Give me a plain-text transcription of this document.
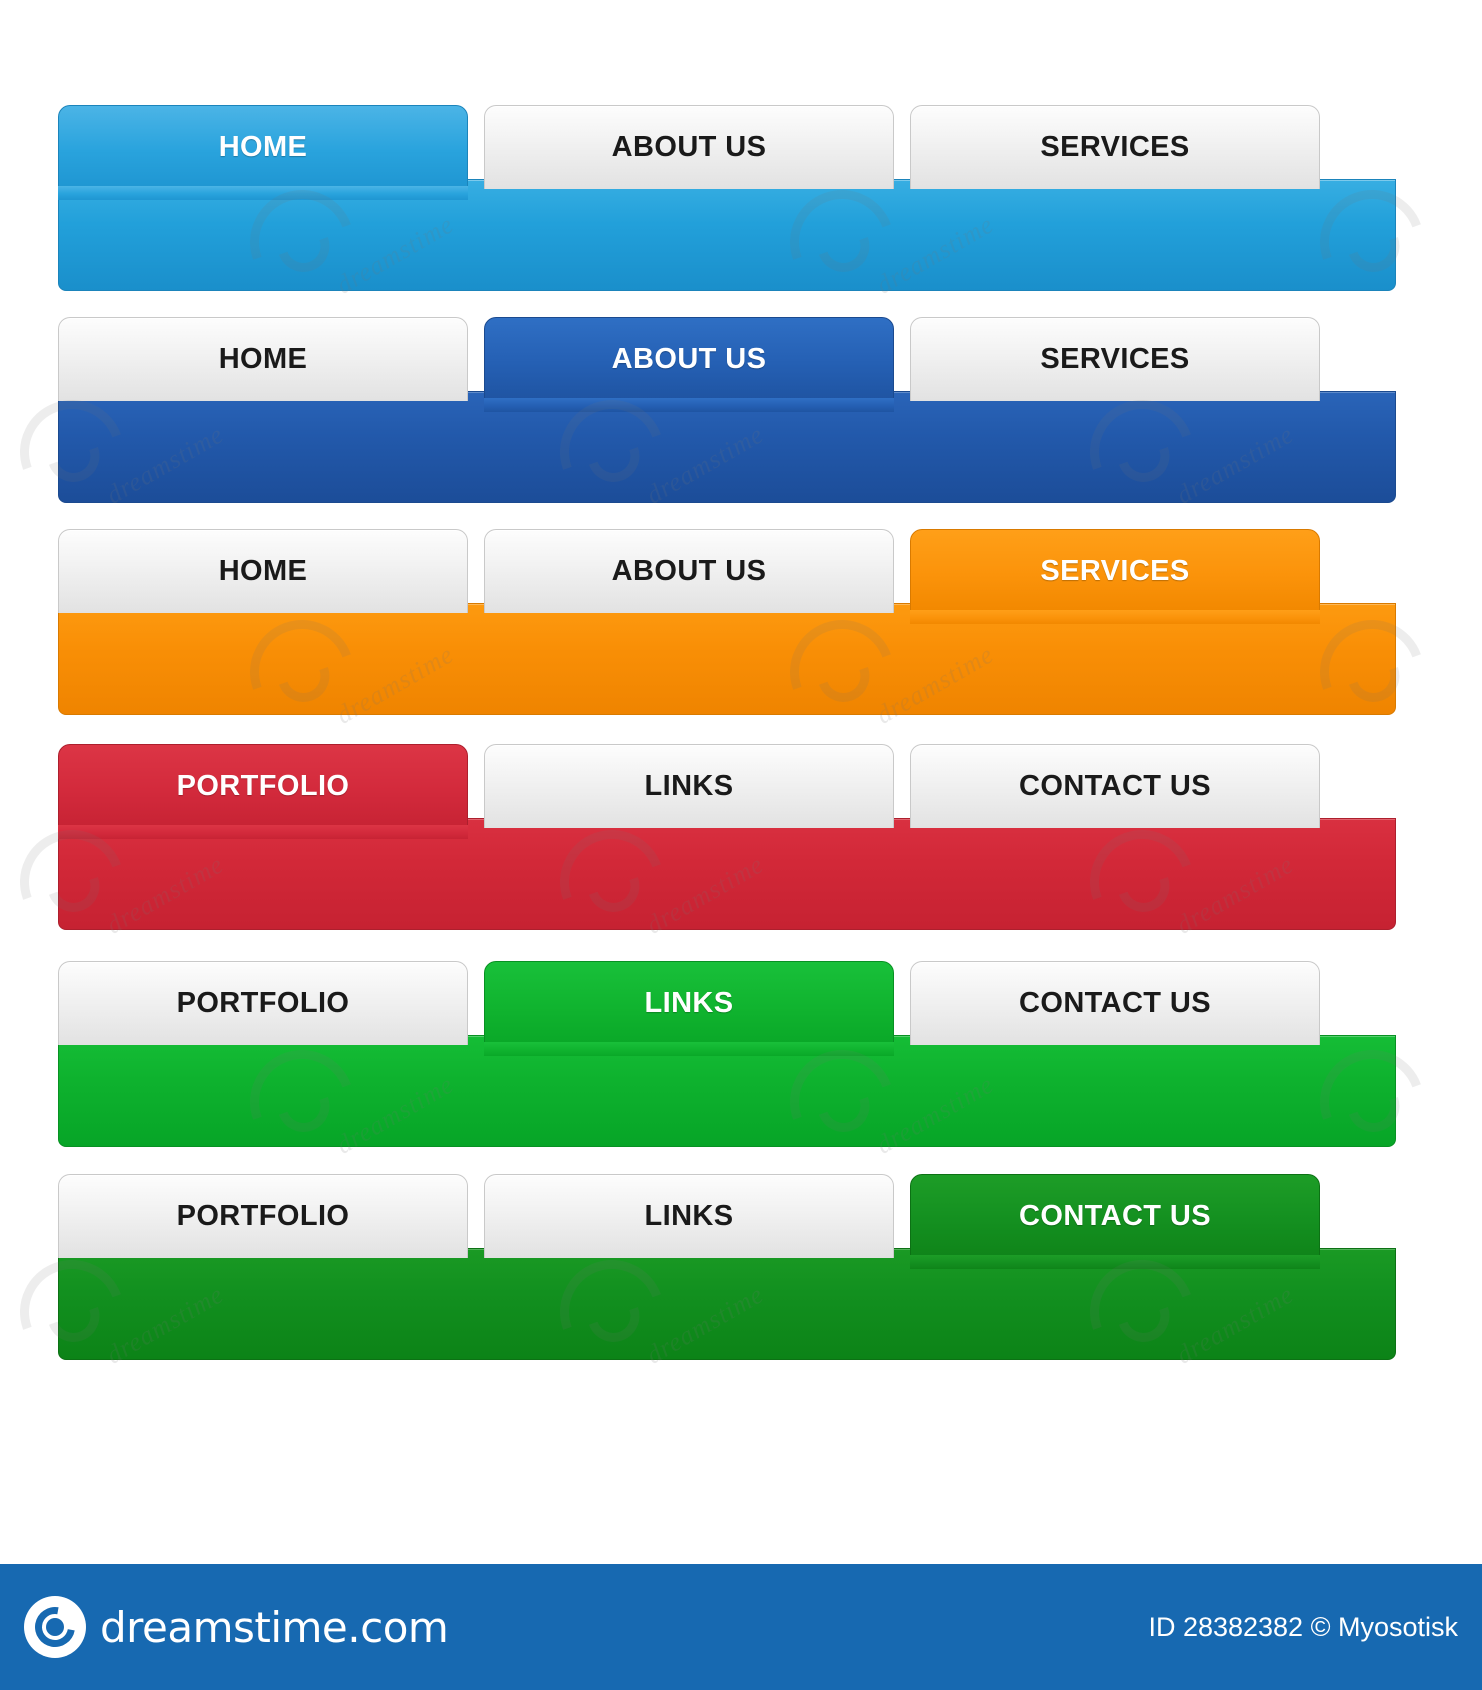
HOME	ABOUT US	SERVICES
HOME	ABOUT US	SERVICES
HOME	ABOUT US	SERVICES
PORTFOLIO	LINKS	CONTACT US
PORTFOLIO	LINKS	CONTACT US
PORTFOLIO	LINKS	CONTACT US
dreamstime.com	ID 28382382 © Myosotisk
